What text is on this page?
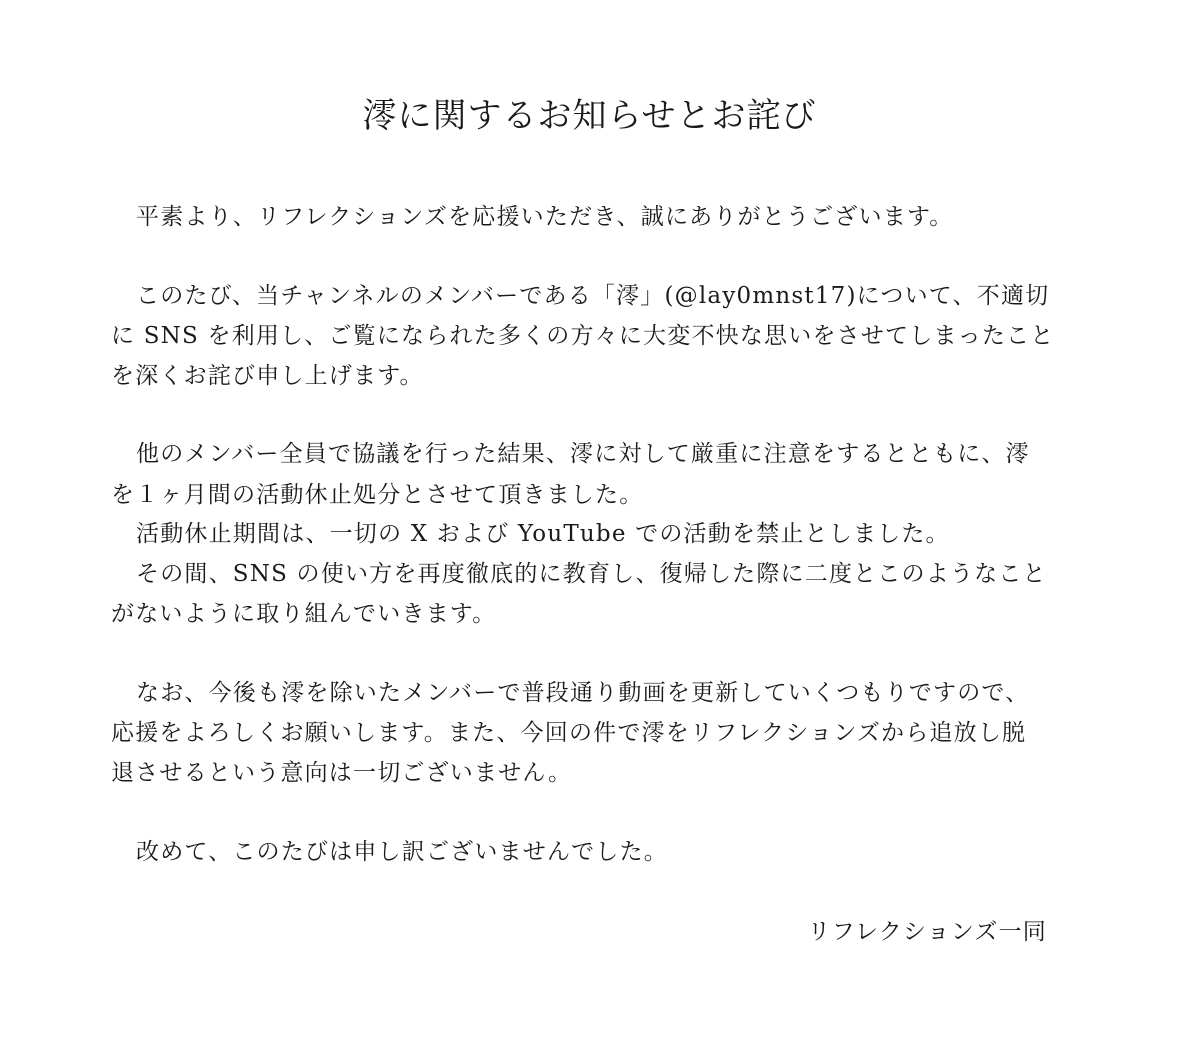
澪に関するお知らせとお詫び

平素より、リフレクションズを応援いただき、誠にありがとうございます。

このたび、当チャンネルのメンバーである「澪」(@lay0mnst17)について、不適切

に SNS を利用し、ご覧になられた多くの方々に大変不快な思いをさせてしまったこと

を深くお詫び申し上げます。

他のメンバー全員で協議を行った結果、澪に対して厳重に注意をするとともに、澪

を１ヶ月間の活動休止処分とさせて頂きました。

活動休止期間は、一切の X および YouTube での活動を禁止としました。

その間、SNS の使い方を再度徹底的に教育し、復帰した際に二度とこのようなこと

がないように取り組んでいきます。

なお、今後も澪を除いたメンバーで普段通り動画を更新していくつもりですので、

応援をよろしくお願いします。また、今回の件で澪をリフレクションズから追放し脱

退させるという意向は一切ございません。

改めて、このたびは申し訳ございませんでした。

リフレクションズ一同
